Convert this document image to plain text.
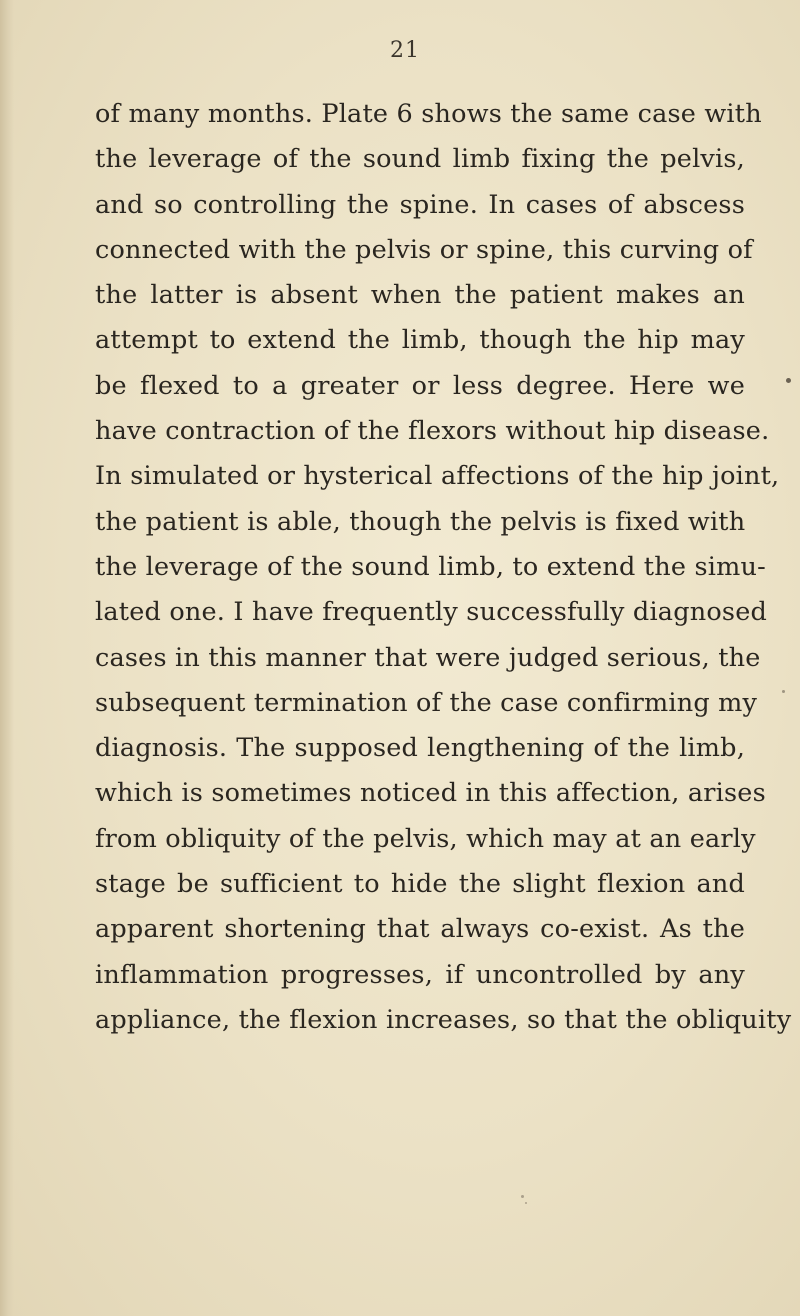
21
of many months. Plate 6 shows the same case with
the leverage of the sound limb fixing the pelvis,
and so controlling the spine. In cases of abscess
connected with the pelvis or spine, this curving of
the latter is absent when the patient makes an
attempt to extend the limb, though the hip may
be flexed to a greater or less degree. Here we
have contraction of the flexors without hip disease.
In simulated or hysterical affections of the hip joint,
the patient is able, though the pelvis is fixed with
the leverage of the sound limb, to extend the simu-
lated one. I have frequently successfully diagnosed
cases in this manner that were judged serious, the
subsequent termination of the case confirming my
diagnosis. The supposed lengthening of the limb,
which is sometimes noticed in this affection, arises
from obliquity of the pelvis, which may at an early
stage be sufficient to hide the slight flexion and
apparent shortening that always co-exist. As the
inflammation progresses, if uncontrolled by any
appliance, the flexion increases, so that the obliquity
